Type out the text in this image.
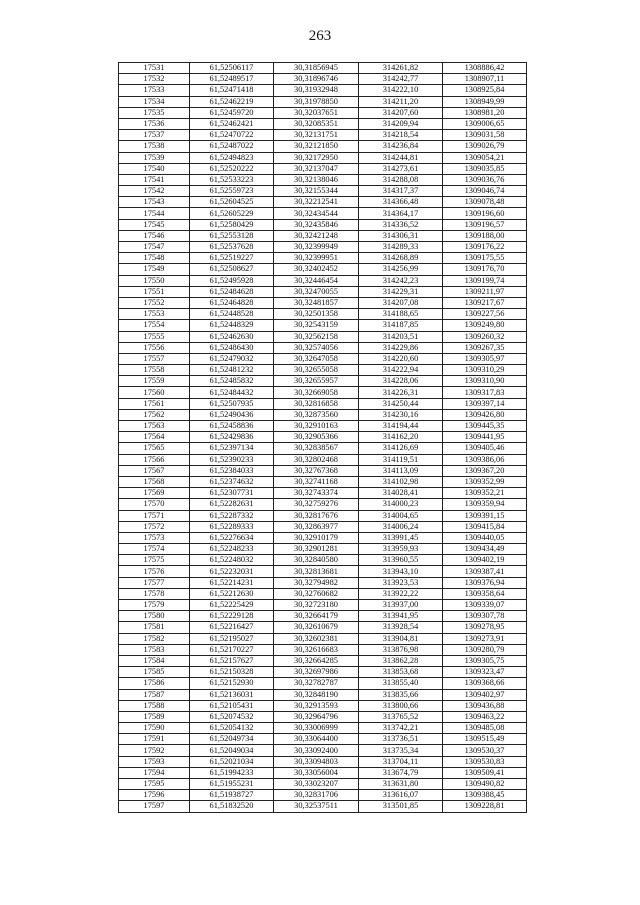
263
17531	61,52506117	30,31856945	314261,82	1308886,42
17532	61,52489517	30,31896746	314242,77	1308907,11
17533	61,52471418	30,31932948	314222,10	1308925,84
17534	61,52462219	30,31978850	314211,20	1308949,99
17535	61,52459720	30,32037651	314207,60	1308981,20
17536	61,52462421	30,32085351	314209,94	1309006,65
17537	61,52470722	30,32131751	314218,54	1309031,58
17538	61,52487022	30,32121850	314236,84	1309026,79
17539	61,52494823	30,32172950	314244,81	1309054,21
17540	61,52520222	30,32137047	314273,61	1309035,85
17541	61,52533223	30,32138046	314288,08	1309036,76
17542	61,52559723	30,32155344	314317,37	1309046,74
17543	61,52604525	30,32212541	314366,48	1309078,48
17544	61,52605229	30,32434544	314364,17	1309196,60
17545	61,52580429	30,32435846	314336,52	1309196,57
17546	61,52553128	30,32421248	314306,31	1309188,00
17547	61,52537628	30,32399949	314289,33	1309176,22
17548	61,52519227	30,32399951	314268,89	1309175,55
17549	61,52508627	30,32402452	314256,99	1309176,70
17550	61,52495928	30,32446454	314242,23	1309199,74
17551	61,52484628	30,32470055	314229,31	1309211,97
17552	61,52464828	30,32481857	314207,08	1309217,67
17553	61,52448528	30,32501358	314188,65	1309227,56
17554	61,52448329	30,32543159	314187,85	1309249,80
17555	61,52462630	30,32562158	314203,51	1309260,32
17556	61,52486430	30,32574056	314229,86	1309267,35
17557	61,52479032	30,32647058	314220,60	1309305,97
17558	61,52481232	30,32655058	314222,94	1309310,29
17559	61,52485832	30,32655957	314228,06	1309310,90
17560	61,52484432	30,32669058	314226,31	1309317,83
17561	61,52507935	30,32816858	314250,44	1309397,14
17562	61,52490436	30,32873560	314230,16	1309426,80
17563	61,52458836	30,32910163	314194,44	1309445,35
17564	61,52429836	30,32905366	314162,20	1309441,95
17565	61,52397134	30,32838567	314126,69	1309405,46
17566	61,52390233	30,32802468	314119,51	1309386,06
17567	61,52384033	30,32767368	314113,09	1309367,20
17568	61,52374632	30,32741168	314102,98	1309352,99
17569	61,52307731	30,32743374	314028,41	1309352,21
17570	61,52282631	30,32759276	314000,23	1309359,94
17571	61,52287332	30,32817676	314004,65	1309391,15
17572	61,52289333	30,32863977	314006,24	1309415,84
17573	61,52276634	30,32910179	313991,45	1309440,05
17574	61,52248233	30,32901281	313959,93	1309434,49
17575	61,52248032	30,32840580	313960,55	1309402,19
17576	61,52232031	30,32813681	313943,10	1309387,41
17577	61,52214231	30,32794982	313923,53	1309376,94
17578	61,52212630	30,32760682	313922,22	1309358,64
17579	61,52225429	30,32723180	313937,00	1309339,07
17580	61,52229128	30,32664179	313941,95	1309307,78
17581	61,52216427	30,32610679	313928,54	1309278,95
17582	61,52195027	30,32602381	313904,81	1309273,91
17583	61,52170227	30,32616683	313876,98	1309280,79
17584	61,52157627	30,32664285	313862,28	1309305,75
17585	61,52150328	30,32697986	313853,68	1309323,47
17586	61,52152930	30,32782787	313855,40	1309368,66
17587	61,52136031	30,32848190	313835,66	1309402,97
17588	61,52105431	30,32913593	313800,66	1309436,88
17589	61,52074532	30,32964796	313765,52	1309463,22
17590	61,52054132	30,33006999	313742,21	1309485,08
17591	61,52049734	30,33064400	313736,51	1309515,49
17592	61,52049034	30,33092400	313735,34	1309530,37
17593	61,52021034	30,33094803	313704,11	1309530,83
17594	61,51994233	30,33056004	313674,79	1309509,41
17595	61,51955231	30,33023207	313631,80	1309490,82
17596	61,51938727	30,32831706	313616,07	1309388,45
17597	61,51832520	30,32537511	313501,85	1309228,81
